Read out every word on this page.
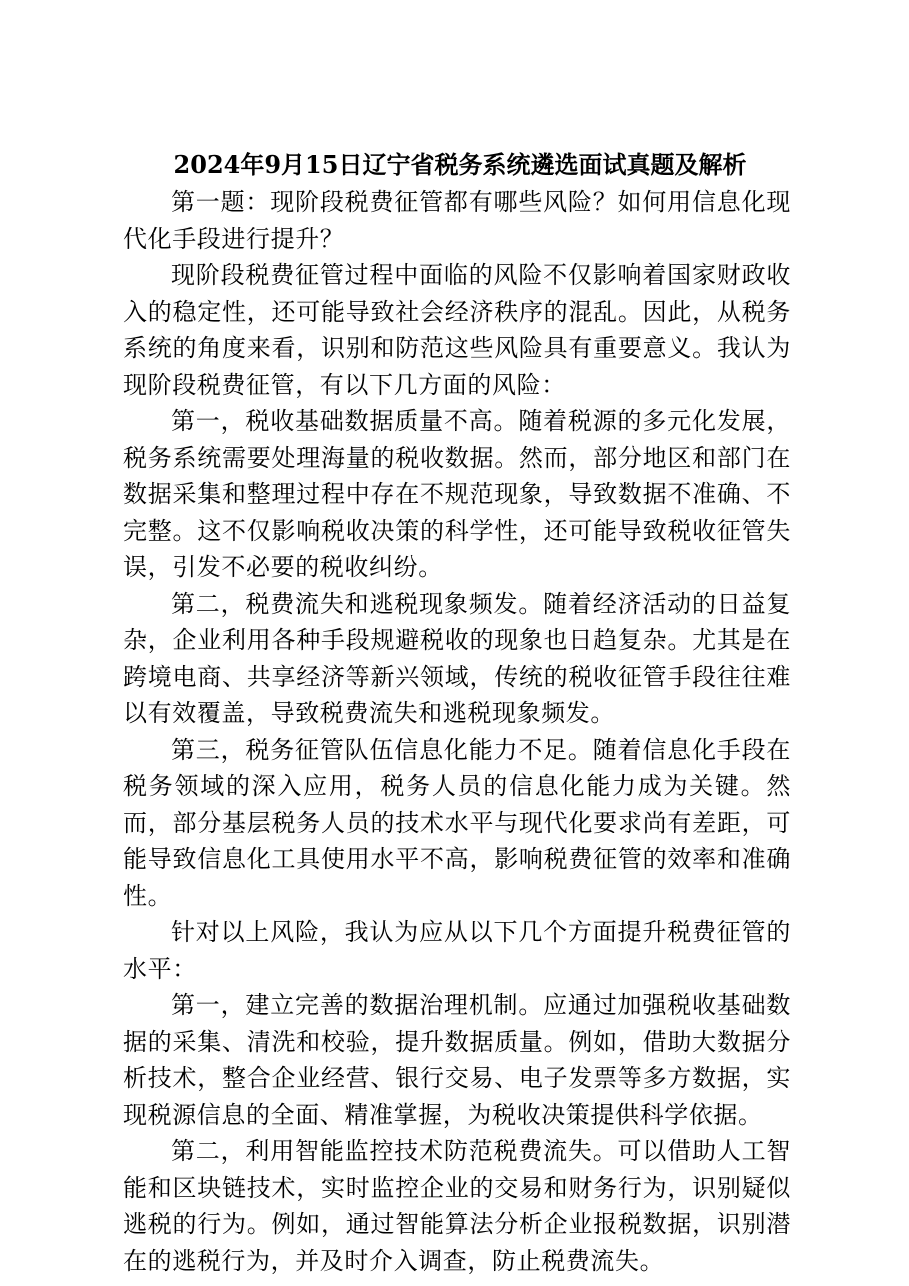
2024年9月15日辽宁省税务系统遴选面试真题及解析

第一题：现阶段税费征管都有哪些风险？如何用信息化现代化手段进行提升？

现阶段税费征管过程中面临的风险不仅影响着国家财政收入的稳定性，还可能导致社会经济秩序的混乱。因此，从税务系统的角度来看，识别和防范这些风险具有重要意义。我认为现阶段税费征管，有以下几方面的风险：

第一，税收基础数据质量不高。随着税源的多元化发展，税务系统需要处理海量的税收数据。然而，部分地区和部门在数据采集和整理过程中存在不规范现象，导致数据不准确、不完整。这不仅影响税收决策的科学性，还可能导致税收征管失误，引发不必要的税收纠纷。

第二，税费流失和逃税现象频发。随着经济活动的日益复杂，企业利用各种手段规避税收的现象也日趋复杂。尤其是在跨境电商、共享经济等新兴领域，传统的税收征管手段往往难以有效覆盖，导致税费流失和逃税现象频发。

第三，税务征管队伍信息化能力不足。随着信息化手段在税务领域的深入应用，税务人员的信息化能力成为关键。然而，部分基层税务人员的技术水平与现代化要求尚有差距，可能导致信息化工具使用水平不高，影响税费征管的效率和准确性。

针对以上风险，我认为应从以下几个方面提升税费征管的水平：

第一，建立完善的数据治理机制。应通过加强税收基础数据的采集、清洗和校验，提升数据质量。例如，借助大数据分析技术，整合企业经营、银行交易、电子发票等多方数据，实现税源信息的全面、精准掌握，为税收决策提供科学依据。

第二，利用智能监控技术防范税费流失。可以借助人工智能和区块链技术，实时监控企业的交易和财务行为，识别疑似逃税的行为。例如，通过智能算法分析企业报税数据，识别潜在的逃税行为，并及时介入调查，防止税费流失。
